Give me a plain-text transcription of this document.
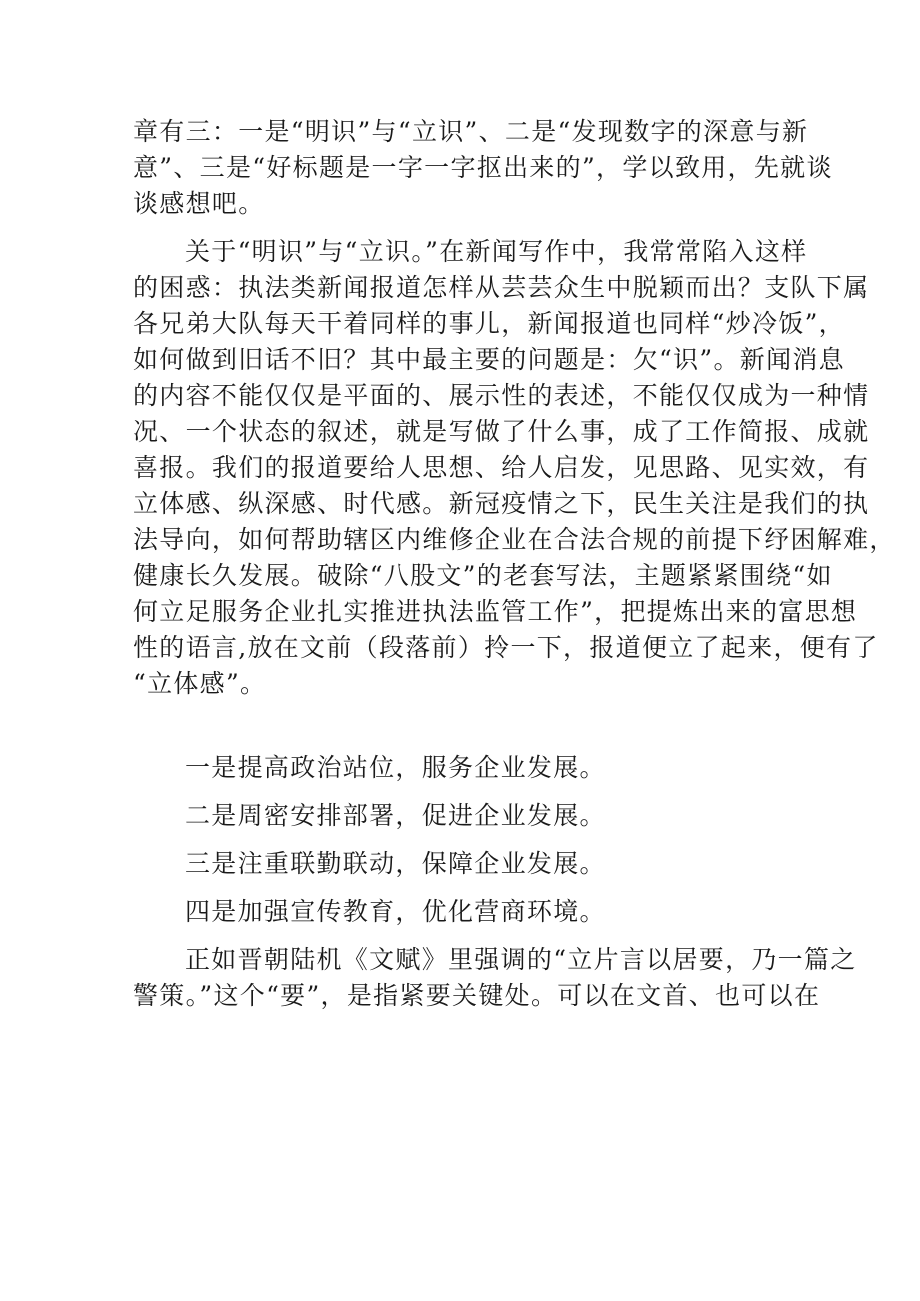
章有三：一是“明识”与“立识”、二是“发现数字的深意与新
意”、三是“好标题是一字一字抠出来的”，学以致用，先就谈
谈感想吧。
关于“明识”与“立识。”在新闻写作中，我常常陷入这样
的困惑：执法类新闻报道怎样从芸芸众生中脱颖而出？支队下属
各兄弟大队每天干着同样的事儿，新闻报道也同样“炒冷饭”，
如何做到旧话不旧？其中最主要的问题是：欠“识”。新闻消息
的内容不能仅仅是平面的、展示性的表述，不能仅仅成为一种情
况、一个状态的叙述，就是写做了什么事，成了工作简报、成就
喜报。我们的报道要给人思想、给人启发，见思路、见实效，有
立体感、纵深感、时代感。新冠疫情之下，民生关注是我们的执
法导向，如何帮助辖区内维修企业在合法合规的前提下纾困解难，
健康长久发展。破除“八股文”的老套写法，主题紧紧围绕“如
何立足服务企业扎实推进执法监管工作”，把提炼出来的富思想
性的语言,放在文前（段落前）拎一下，报道便立了起来，便有了
“立体感”。
一是提高政治站位，服务企业发展。
二是周密安排部署，促进企业发展。
三是注重联勤联动，保障企业发展。
四是加强宣传教育，优化营商环境。
正如晋朝陆机《文赋》里强调的“立片言以居要，乃一篇之
警策。”这个“要”，是指紧要关键处。可以在文首、也可以在
